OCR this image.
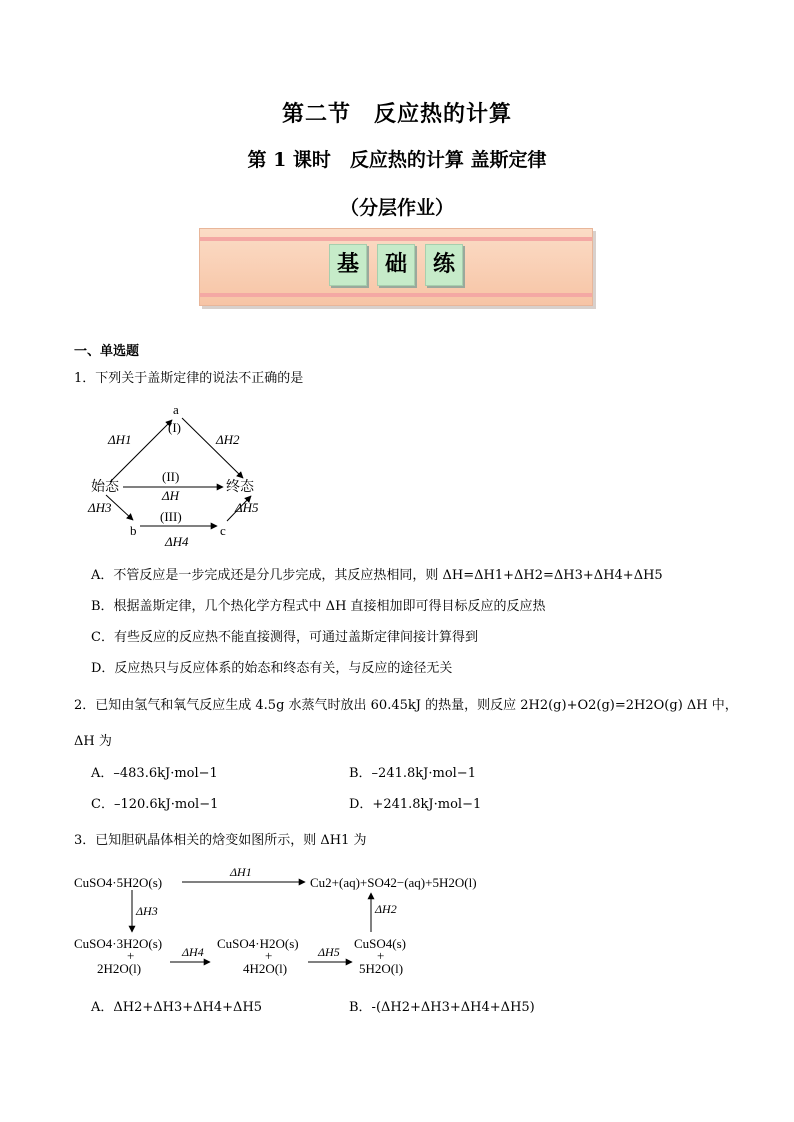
第二节　反应热的计算
第 1 课时　反应热的计算 盖斯定律
（分层作业）
基	础	练
一、单选题
1．下列关于盖斯定律的说法不正确的是
a
(I)
ΔH1	ΔH2
始态	终态
(II)
ΔH
ΔH3	ΔH5
b	c
(III)
ΔH4
A．不管反应是一步完成还是分几步完成，其反应热相同，则 ΔH=ΔH1+ΔH2=ΔH3+ΔH4+ΔH5
B．根据盖斯定律，几个热化学方程式中 ΔH 直接相加即可得目标反应的反应热
C．有些反应的反应热不能直接测得，可通过盖斯定律间接计算得到
D．反应热只与反应体系的始态和终态有关，与反应的途径无关
2．已知由氢气和氧气反应生成 4.5g 水蒸气时放出 60.45kJ 的热量，则反应 2H2(g)+O2(g)=2H2O(g) ΔH 中，
ΔH 为
A．–483.6kJ·mol−1	B．–241.8kJ·mol−1
C．–120.6kJ·mol−1	D．+241.8kJ·mol−1
3．已知胆矾晶体相关的焓变如图所示，则 ΔH1 为
CuSO4·5H2O(s)
ΔH1
Cu2+(aq)+SO42−(aq)+5H2O(l)
ΔH3	ΔH2
CuSO4·3H2O(s)
+
2H2O(l)
ΔH4
CuSO4·H2O(s)
+
4H2O(l)
ΔH5
CuSO4(s)
+
5H2O(l)
A．ΔH2+ΔH3+ΔH4+ΔH5	B．-(ΔH2+ΔH3+ΔH4+ΔH5)
